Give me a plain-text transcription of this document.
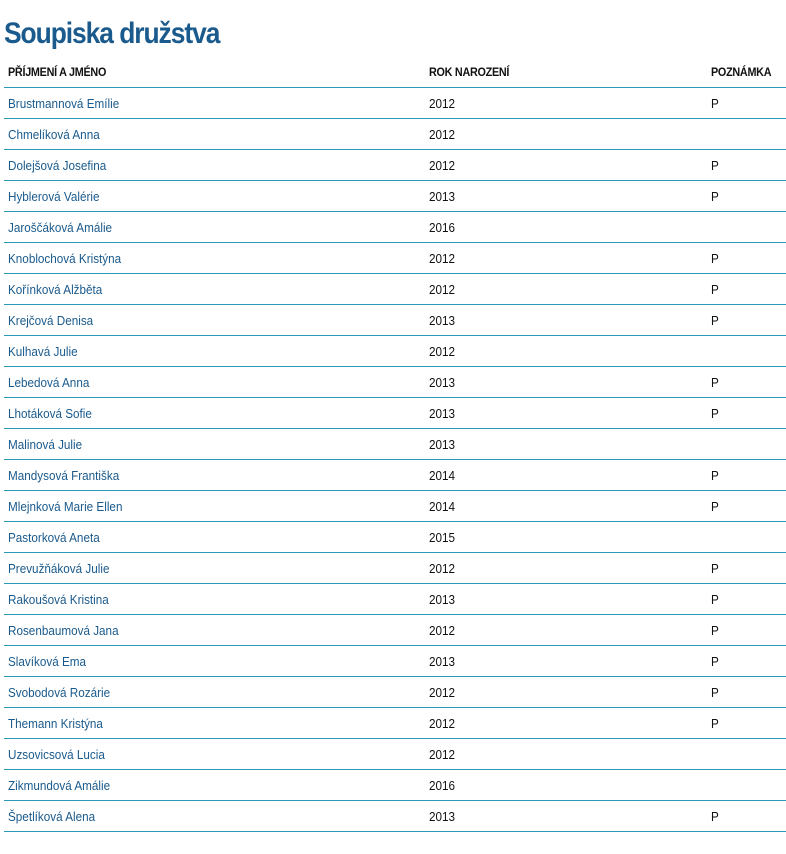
Soupiska družstva
PŘÍJMENÍ A JMÉNO	ROK NAROZENÍ	POZNÁMKA
Brustmannová Emílie	2012	P
Chmelíková Anna	2012	
Dolejšová Josefina	2012	P
Hyblerová Valérie	2013	P
Jaroščáková Amálie	2016	
Knoblochová Kristýna	2012	P
Kořínková Alžběta	2012	P
Krejčová Denisa	2013	P
Kulhavá Julie	2012	
Lebedová Anna	2013	P
Lhotáková Sofie	2013	P
Malinová Julie	2013	
Mandysová Františka	2014	P
Mlejnková Marie Ellen	2014	P
Pastorková Aneta	2015	
Prevužňáková Julie	2012	P
Rakoušová Kristina	2013	P
Rosenbaumová Jana	2012	P
Slavíková Ema	2013	P
Svobodová Rozárie	2012	P
Themann Kristýna	2012	P
Uzsovicsová Lucia	2012	
Zikmundová Amálie	2016	
Špetlíková Alena	2013	P
